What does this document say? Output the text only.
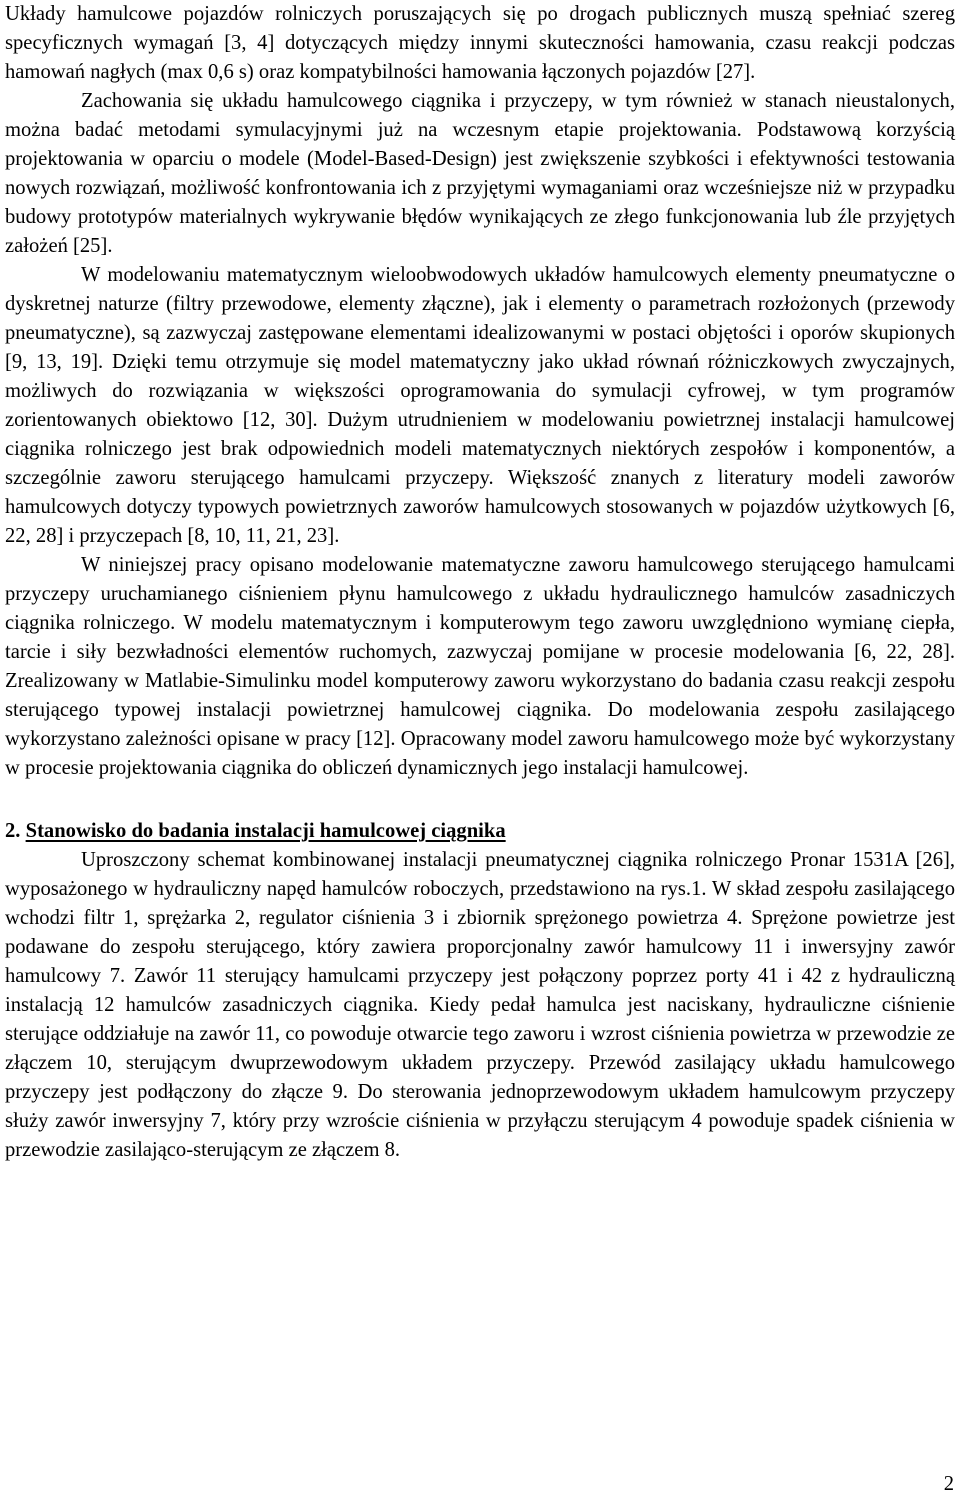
Układy hamulcowe pojazdów rolniczych poruszających się po drogach publicznych muszą spełniać szereg specyficznych wymagań [3, 4] dotyczących między innymi skuteczności hamowania, czasu reakcji podczas hamowań nagłych (max 0,6 s) oraz kompatybilności hamowania łączonych pojazdów [27].

Zachowania się układu hamulcowego ciągnika i przyczepy, w tym również w stanach nieustalonych, można badać metodami symulacyjnymi już na wczesnym etapie projektowania. Podstawową korzyścią projektowania w oparciu o modele (Model-Based-Design) jest zwiększenie szybkości i efektywności testowania nowych rozwiązań, możliwość konfrontowania ich z przyjętymi wymaganiami oraz wcześniejsze niż w przypadku budowy prototypów materialnych wykrywanie błędów wynikających ze złego funkcjonowania lub źle przyjętych założeń [25].

W modelowaniu matematycznym wieloobwodowych układów hamulcowych elementy pneumatyczne o dyskretnej naturze (filtry przewodowe, elementy złączne), jak i elementy o parametrach rozłożonych (przewody pneumatyczne), są zazwyczaj zastępowane elementami idealizowanymi w postaci objętości i oporów skupionych [9, 13, 19]. Dzięki temu otrzymuje się model matematyczny jako układ równań różniczkowych zwyczajnych, możliwych do rozwiązania w większości oprogramowania do symulacji cyfrowej, w tym programów zorientowanych obiektowo [12, 30]. Dużym utrudnieniem w modelowaniu powietrznej instalacji hamulcowej ciągnika rolniczego jest brak odpowiednich modeli matematycznych niektórych zespołów i komponentów, a szczególnie zaworu sterującego hamulcami przyczepy. Większość znanych z literatury modeli zaworów hamulcowych dotyczy typowych powietrznych zaworów hamulcowych stosowanych w pojazdów użytkowych [6, 22, 28] i przyczepach [8, 10, 11, 21, 23].

W niniejszej pracy opisano modelowanie matematyczne zaworu hamulcowego sterującego hamulcami przyczepy uruchamianego ciśnieniem płynu hamulcowego z układu hydraulicznego hamulców zasadniczych ciągnika rolniczego. W modelu matematycznym i komputerowym tego zaworu uwzględniono wymianę ciepła, tarcie i siły bezwładności elementów ruchomych, zazwyczaj pomijane w procesie modelowania [6, 22, 28]. Zrealizowany w Matlabie-Simulinku model komputerowy zaworu wykorzystano do badania czasu reakcji zespołu sterującego typowej instalacji powietrznej hamulcowej ciągnika. Do modelowania zespołu zasilającego wykorzystano zależności opisane w pracy [12]. Opracowany model zaworu hamulcowego może być wykorzystany w procesie projektowania ciągnika do obliczeń dynamicznych jego instalacji hamulcowej.

2. Stanowisko do badania instalacji hamulcowej ciągnika

Uproszczony schemat kombinowanej instalacji pneumatycznej ciągnika rolniczego Pronar 1531A [26], wyposażonego w hydrauliczny napęd hamulców roboczych, przedstawiono na rys.1. W skład zespołu zasilającego wchodzi filtr 1, sprężarka 2, regulator ciśnienia 3 i zbiornik sprężonego powietrza 4. Sprężone powietrze jest podawane do zespołu sterującego, który zawiera proporcjonalny zawór hamulcowy 11 i inwersyjny zawór hamulcowy 7. Zawór 11 sterujący hamulcami przyczepy jest połączony poprzez porty 41 i 42 z hydrauliczną instalacją 12 hamulców zasadniczych ciągnika. Kiedy pedał hamulca jest naciskany, hydrauliczne ciśnienie sterujące oddziałuje na zawór 11, co powoduje otwarcie tego zaworu i wzrost ciśnienia powietrza w przewodzie ze złączem 10, sterującym dwuprzewodowym układem przyczepy. Przewód zasilający układu hamulcowego przyczepy jest podłączony do złącze 9. Do sterowania jednoprzewodowym układem hamulcowym przyczepy służy zawór inwersyjny 7, który przy wzroście ciśnienia w przyłączu sterującym 4 powoduje spadek ciśnienia w przewodzie zasilająco-sterującym ze złączem 8.

2
